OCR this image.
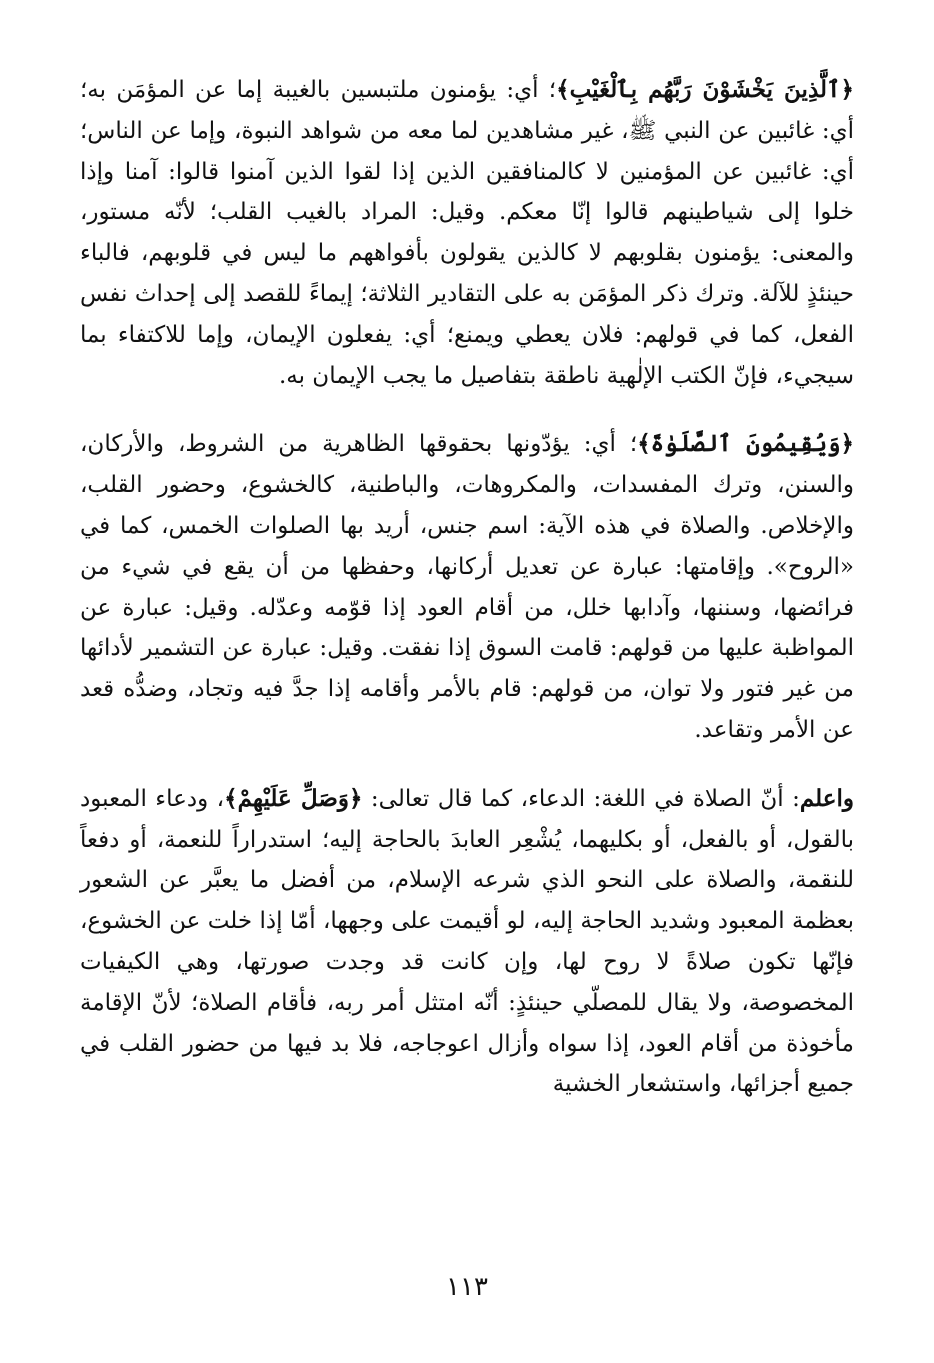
﴿ٱلَّذِينَ يَخْشَوْنَ رَبَّهُم بِٱلْغَيْبِ﴾؛ أي: يؤمنون ملتبسين بالغيبة إما عن المؤمَن به؛ أي: غائبين عن النبي ﷺ، غير مشاهدين لما معه من شواهد النبوة، وإما عن الناس؛ أي: غائبين عن المؤمنين لا كالمنافقين الذين إذا لقوا الذين آمنوا قالوا: آمنا وإذا خلوا إلى شياطينهم قالوا إنّا معكم. وقيل: المراد بالغيب القلب؛ لأنّه مستور، والمعنى: يؤمنون بقلوبهم لا كالذين يقولون بأفواههم ما ليس في قلوبهم، فالباء حينئذٍ للآلة. وترك ذكر المؤمَن به على التقادير الثلاثة؛ إيماءً للقصد إلى إحداث نفس الفعل، كما في قولهم: فلان يعطي ويمنع؛ أي: يفعلون الإيمان، وإما للاكتفاء بما سيجيء، فإنّ الكتب الإلٰهية ناطقة بتفاصيل ما يجب الإيمان به.

﴿وَيُقِيمُونَ ٱلصَّلَوٰةَ﴾؛ أي: يؤدّونها بحقوقها الظاهرية من الشروط، والأركان، والسنن، وترك المفسدات، والمكروهات، والباطنية، كالخشوع، وحضور القلب، والإخلاص. والصلاة في هذه الآية: اسم جنس، أريد بها الصلوات الخمس، كما في «الروح». وإقامتها: عبارة عن تعديل أركانها، وحفظها من أن يقع في شيء من فرائضها، وسننها، وآدابها خلل، من أقام العود إذا قوّمه وعدّله. وقيل: عبارة عن المواظبة عليها من قولهم: قامت السوق إذا نفقت. وقيل: عبارة عن التشمير لأدائها من غير فتور ولا توان، من قولهم: قام بالأمر وأقامه إذا جدَّ فيه وتجاد، وضدُّه قعد عن الأمر وتقاعد.

واعلم: أنّ الصلاة في اللغة: الدعاء، كما قال تعالى: ﴿وَصَلِّ عَلَيْهِمْ﴾، ودعاء المعبود بالقول، أو بالفعل، أو بكليهما، يُشْعِر العابدَ بالحاجة إليه؛ استدراراً للنعمة، أو دفعاً للنقمة، والصلاة على النحو الذي شرعه الإسلام، من أفضل ما يعبَّر عن الشعور بعظمة المعبود وشديد الحاجة إليه، لو أقيمت على وجهها، أمّا إذا خلت عن الخشوع، فإنّها تكون صلاةً لا روح لها، وإن كانت قد وجدت صورتها، وهي الكيفيات المخصوصة، ولا يقال للمصلّي حينئذٍ: أنّه امتثل أمر ربه، فأقام الصلاة؛ لأنّ الإقامة مأخوذة من أقام العود، إذا سواه وأزال اعوجاجه، فلا بد فيها من حضور القلب في جميع أجزائها، واستشعار الخشية

١١٣
